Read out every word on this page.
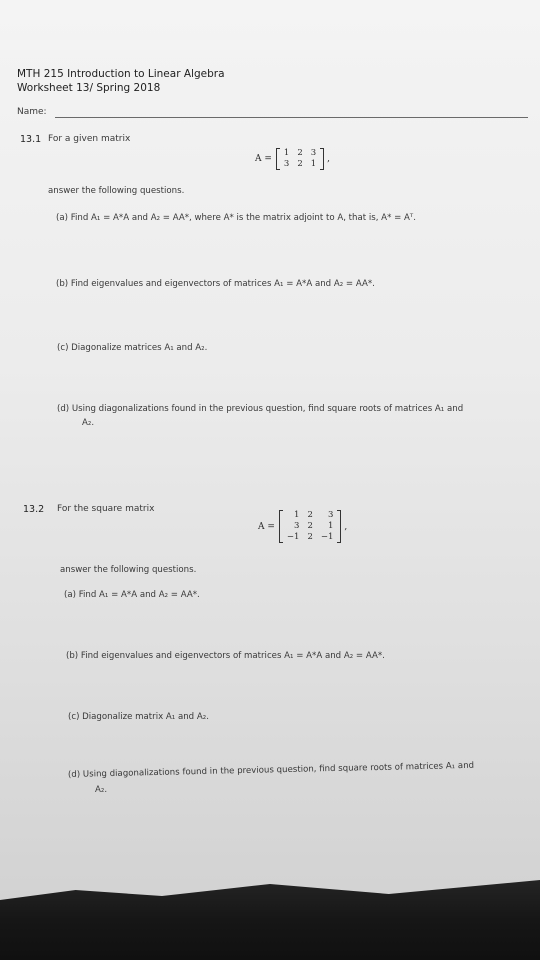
MTH 215 Introduction to Linear Algebra
Worksheet 13/ Spring 2018
Name:
13.1 For a given matrix
A =
1	2	3
3	2	1 ,
answer the following questions.
(a) Find A₁ = A*A and A₂ = AA*, where A* is the matrix adjoint to A, that is, A* = Aᵀ.
(b) Find eigenvalues and eigenvectors of matrices A₁ = A*A and A₂ = AA*.
(c) Diagonalize matrices A₁ and A₂.
(d) Using diagonalizations found in the previous question, find square roots of matrices A₁ and
A₂.
13.2 For the square matrix
A =
1	2	3
3	2	1
−1	2	−1
,
answer the following questions.
(a) Find A₁ = A*A and A₂ = AA*.
(b) Find eigenvalues and eigenvectors of matrices A₁ = A*A and A₂ = AA*.
(c) Diagonalize matrix A₁ and A₂.
(d) Using diagonalizations found in the previous question, find square roots of matrices A₁ and
A₂.
